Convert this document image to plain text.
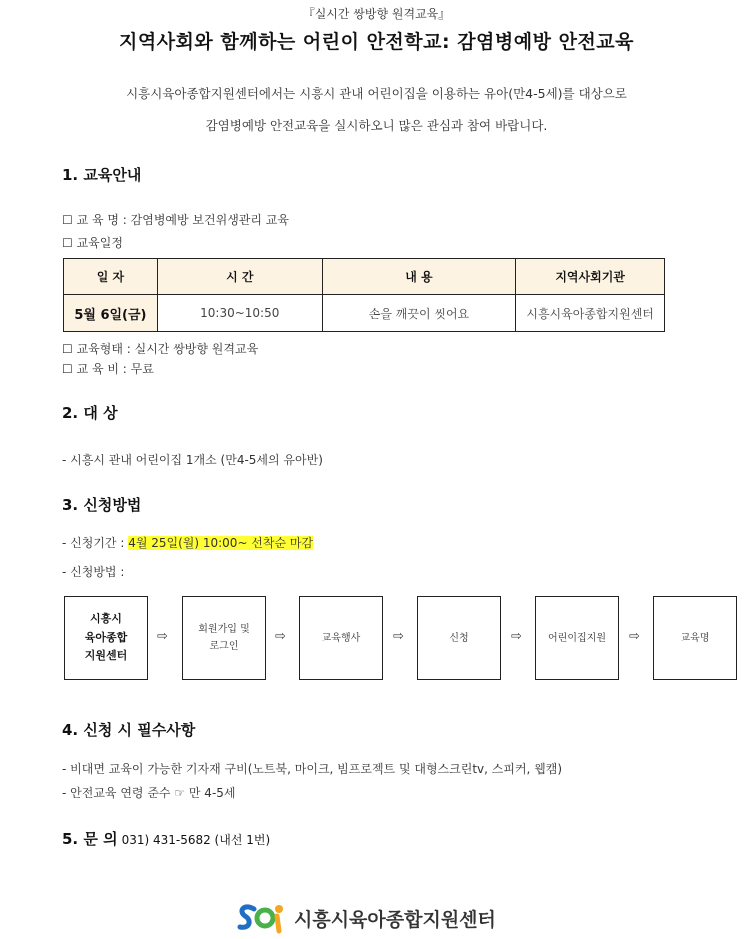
『실시간 쌍방향 원격교육』
지역사회와 함께하는 어린이 안전학교: 감염병예방 안전교육
시흥시육아종합지원센터에서는 시흥시 관내 어린이집을 이용하는 유아(만4-5세)를 대상으로
감염병예방 안전교육을 실시하오니 많은 관심과 참여 바랍니다.
1. 교육안내
☐ 교 육 명 : 감염병예방 보건위생관리 교육
☐ 교육일정
일 자	시 간	내 용	지역사회기관
5월 6일(금)	10:30~10:50	손을 깨끗이 씻어요	시흥시육아종합지원센터
☐ 교육형태 : 실시간 쌍방향 원격교육
☐ 교 육 비 : 무료
2. 대 상
- 시흥시 관내 어린이집 1개소 (만4-5세의 유아반)
3. 신청방법
- 신청기간 : 4월 25일(월) 10:00~ 선착순 마감
- 신청방법 :
시흥시
육아종합
지원센터
⇨	회원가입 및
로그인
⇨	교육행사	⇨	신청	⇨	어린이집지원	⇨	교육명
4. 신청 시 필수사항
- 비대면 교육이 가능한 기자재 구비(노트북, 마이크, 빔프로젝트 및 대형스크린tv, 스피커, 웹캠)
- 안전교육 연령 준수 ☞ 만 4-5세
5. 문 의 031) 431-5682 (내선 1번)
시흥시육아종합지원센터
